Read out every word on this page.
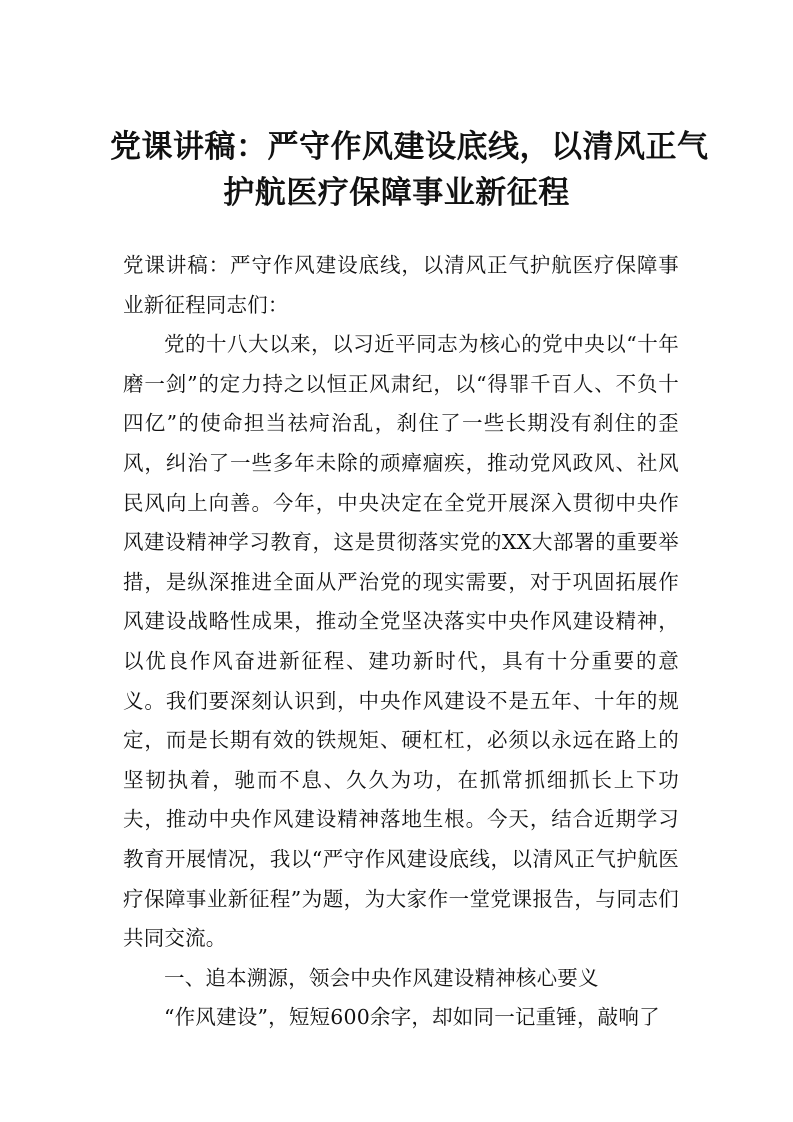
党课讲稿：严守作风建设底线，以清风正气
护航医疗保障事业新征程

党课讲稿：严守作风建设底线，以清风正气护航医疗保障事业新征程同志们：

党的十八大以来，以习近平同志为核心的党中央以“十年磨一剑”的定力持之以恒正风肃纪，以“得罪千百人、不负十四亿”的使命担当祛疴治乱，刹住了一些长期没有刹住的歪风，纠治了一些多年未除的顽瘴痼疾，推动党风政风、社风民风向上向善。今年，中央决定在全党开展深入贯彻中央作风建设精神学习教育，这是贯彻落实党的XX大部署的重要举措，是纵深推进全面从严治党的现实需要，对于巩固拓展作风建设战略性成果，推动全党坚决落实中央作风建设精神，以优良作风奋进新征程、建功新时代，具有十分重要的意义。我们要深刻认识到，中央作风建设不是五年、十年的规定，而是长期有效的铁规矩、硬杠杠，必须以永远在路上的坚韧执着，驰而不息、久久为功，在抓常抓细抓长上下功夫，推动中央作风建设精神落地生根。今天，结合近期学习教育开展情况，我以“严守作风建设底线，以清风正气护航医疗保障事业新征程”为题，为大家作一堂党课报告，与同志们共同交流。

一、追本溯源，领会中央作风建设精神核心要义

“作风建设”，短短600余字，却如同一记重锤，敲响了
